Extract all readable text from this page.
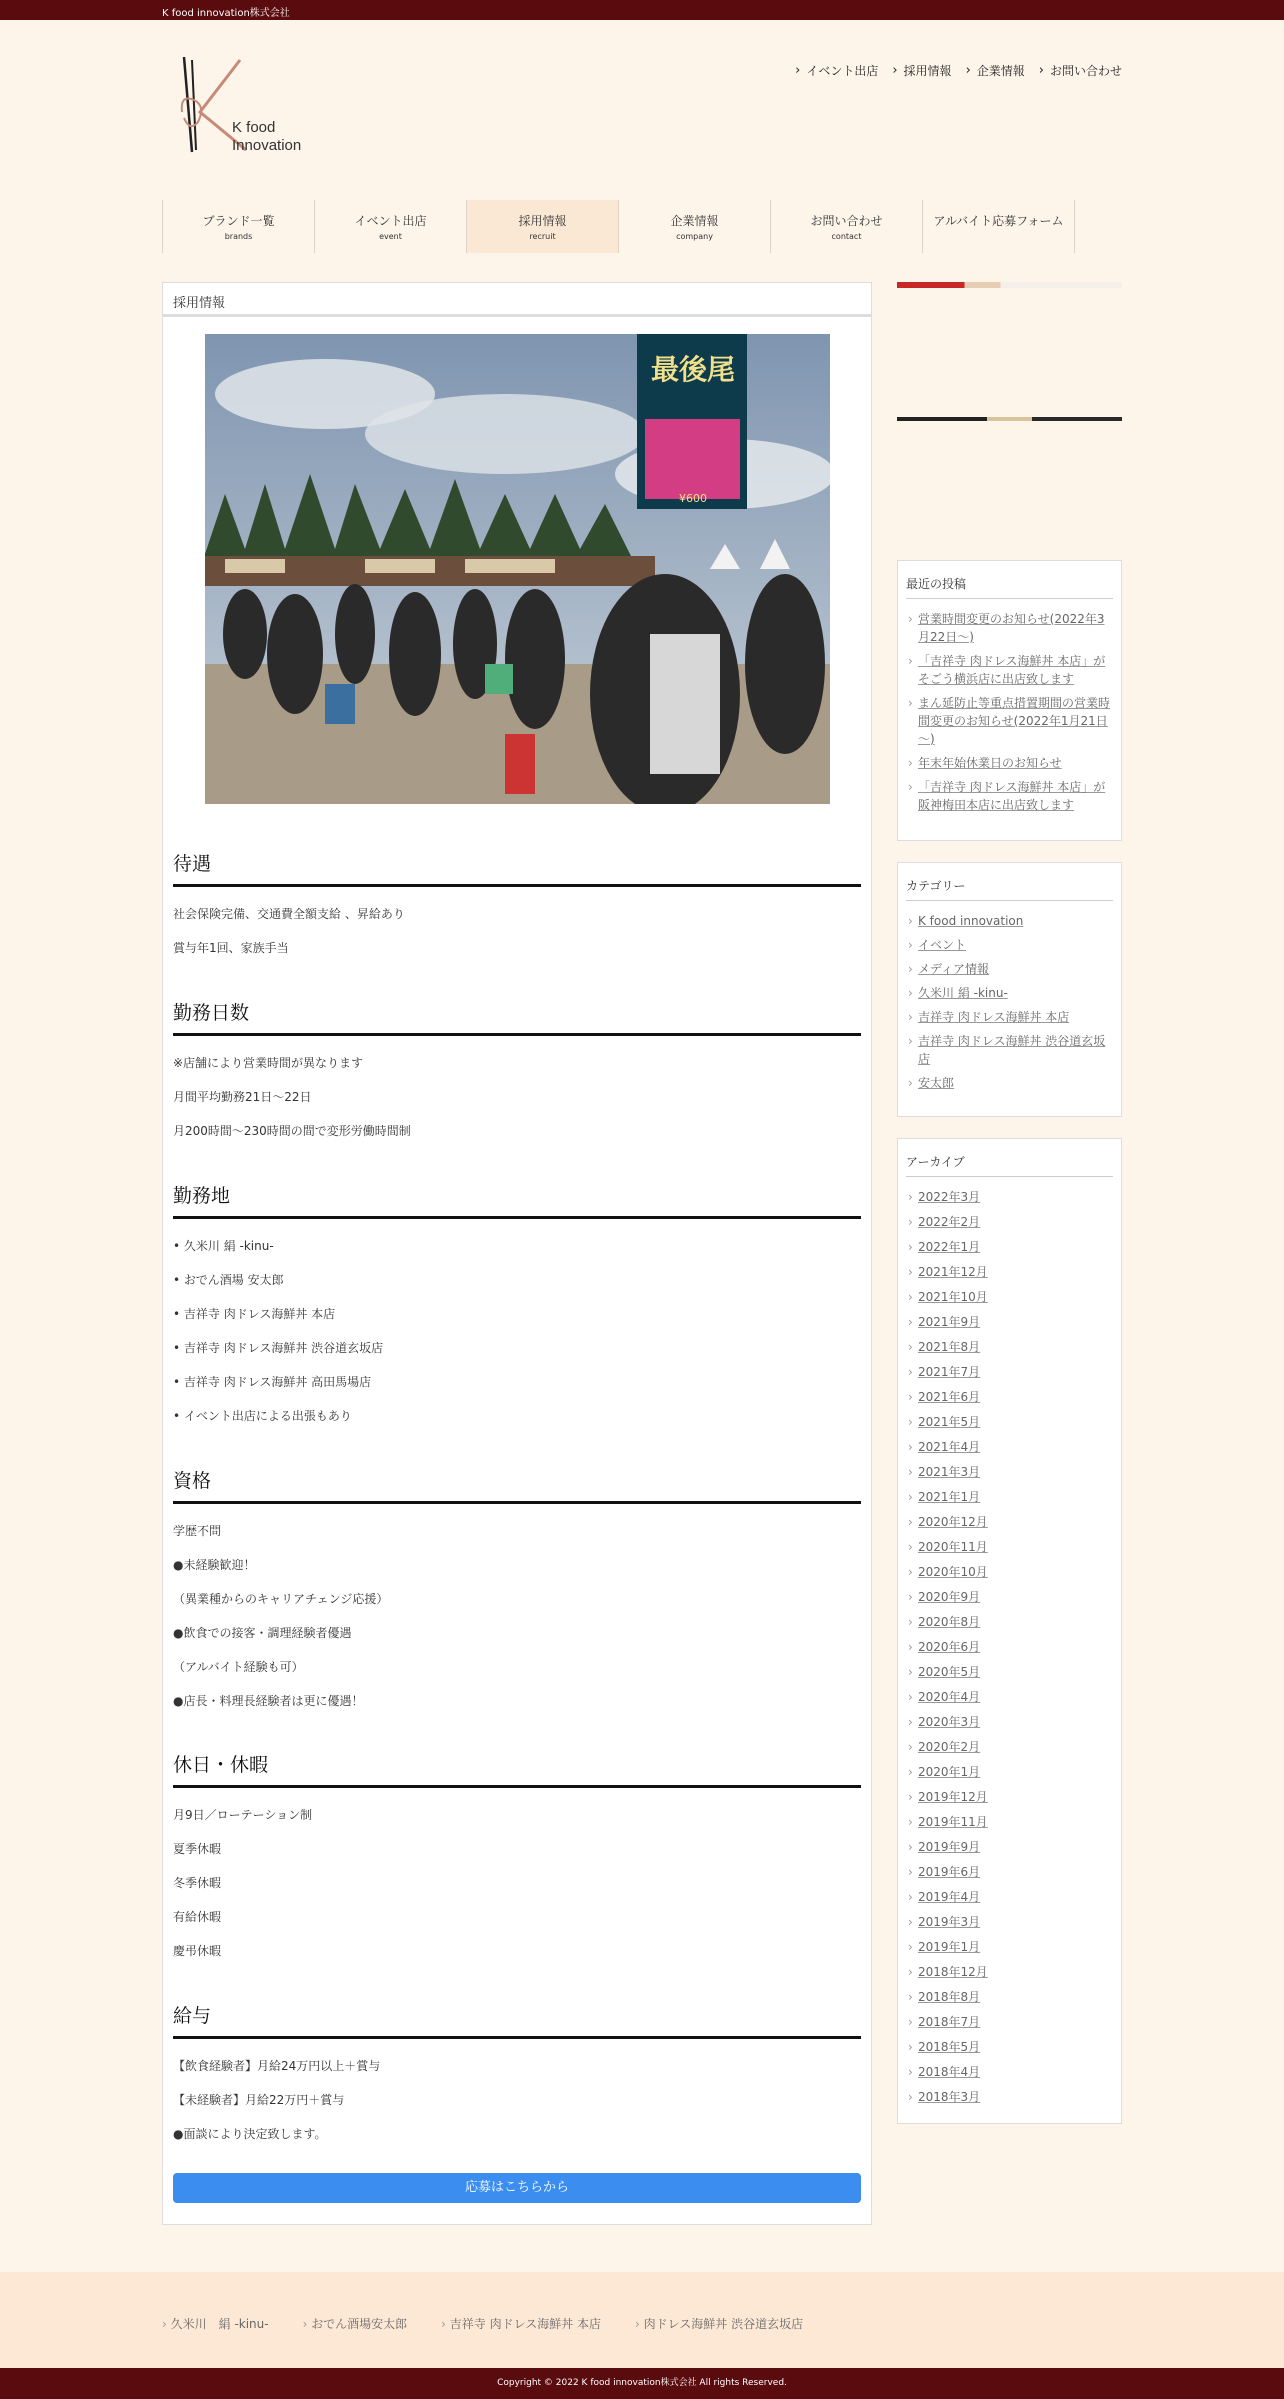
K food innovation株式会社
K food
Innovation
› イベント出店	› 採用情報	› 企業情報	› お問い合わせ
ブランド一覧
brands
イベント出店
event
採用情報
recruit
企業情報
company
お問い合わせ
contact
アルバイト応募フォーム
採用情報
最後尾
¥600
待遇

社会保険完備、交通費全額支給 、昇給あり

賞与年1回、家族手当

勤務日数

※店舗により営業時間が異なります

月間平均勤務21日～22日

月200時間～230時間の間で変形労働時間制

勤務地

• 久米川 絹 -kinu-

• おでん酒場 安太郎

• 吉祥寺 肉ドレス海鮮丼 本店

• 吉祥寺 肉ドレス海鮮丼 渋谷道玄坂店

• 吉祥寺 肉ドレス海鮮丼 高田馬場店

• イベント出店による出張もあり

資格

学歴不問

●未経験歓迎！

（異業種からのキャリアチェンジ応援）

●飲食での接客・調理経験者優遇

（アルバイト経験も可）

●店長・料理長経験者は更に優遇！

休日・休暇

月9日／ローテーション制

夏季休暇

冬季休暇

有給休暇

慶弔休暇

給与

【飲食経験者】月給24万円以上＋賞与

【未経験者】月給22万円＋賞与

●面談により決定致します。

応募はこちらから
最近の投稿
› 営業時間変更のお知らせ(2022年3月22日～)
› 「吉祥寺 肉ドレス海鮮丼 本店」がそごう横浜店に出店致します
› まん延防止等重点措置期間の営業時間変更のお知らせ(2022年1月21日～)
› 年末年始休業日のお知らせ
› 「吉祥寺 肉ドレス海鮮丼 本店」が阪神梅田本店に出店致します
カテゴリー
› K food innovation
› イベント
› メディア情報
› 久米川 絹 -kinu-
› 吉祥寺 肉ドレス海鮮丼 本店
› 吉祥寺 肉ドレス海鮮丼 渋谷道玄坂店
› 安太郎
アーカイブ
› 2022年3月
› 2022年2月
› 2022年1月
› 2021年12月
› 2021年10月
› 2021年9月
› 2021年8月
› 2021年7月
› 2021年6月
› 2021年5月
› 2021年4月
› 2021年3月
› 2021年1月
› 2020年12月
› 2020年11月
› 2020年10月
› 2020年9月
› 2020年8月
› 2020年6月
› 2020年5月
› 2020年4月
› 2020年3月
› 2020年2月
› 2020年1月
› 2019年12月
› 2019年11月
› 2019年9月
› 2019年6月
› 2019年4月
› 2019年3月
› 2019年1月
› 2018年12月
› 2018年8月
› 2018年7月
› 2018年5月
› 2018年4月
› 2018年3月
› 久米川　絹 -kinu-	› おでん酒場安太郎	› 吉祥寺 肉ドレス海鮮丼 本店	› 肉ドレス海鮮丼 渋谷道玄坂店
Copyright © 2022 K food innovation株式会社 All rights Reserved.
